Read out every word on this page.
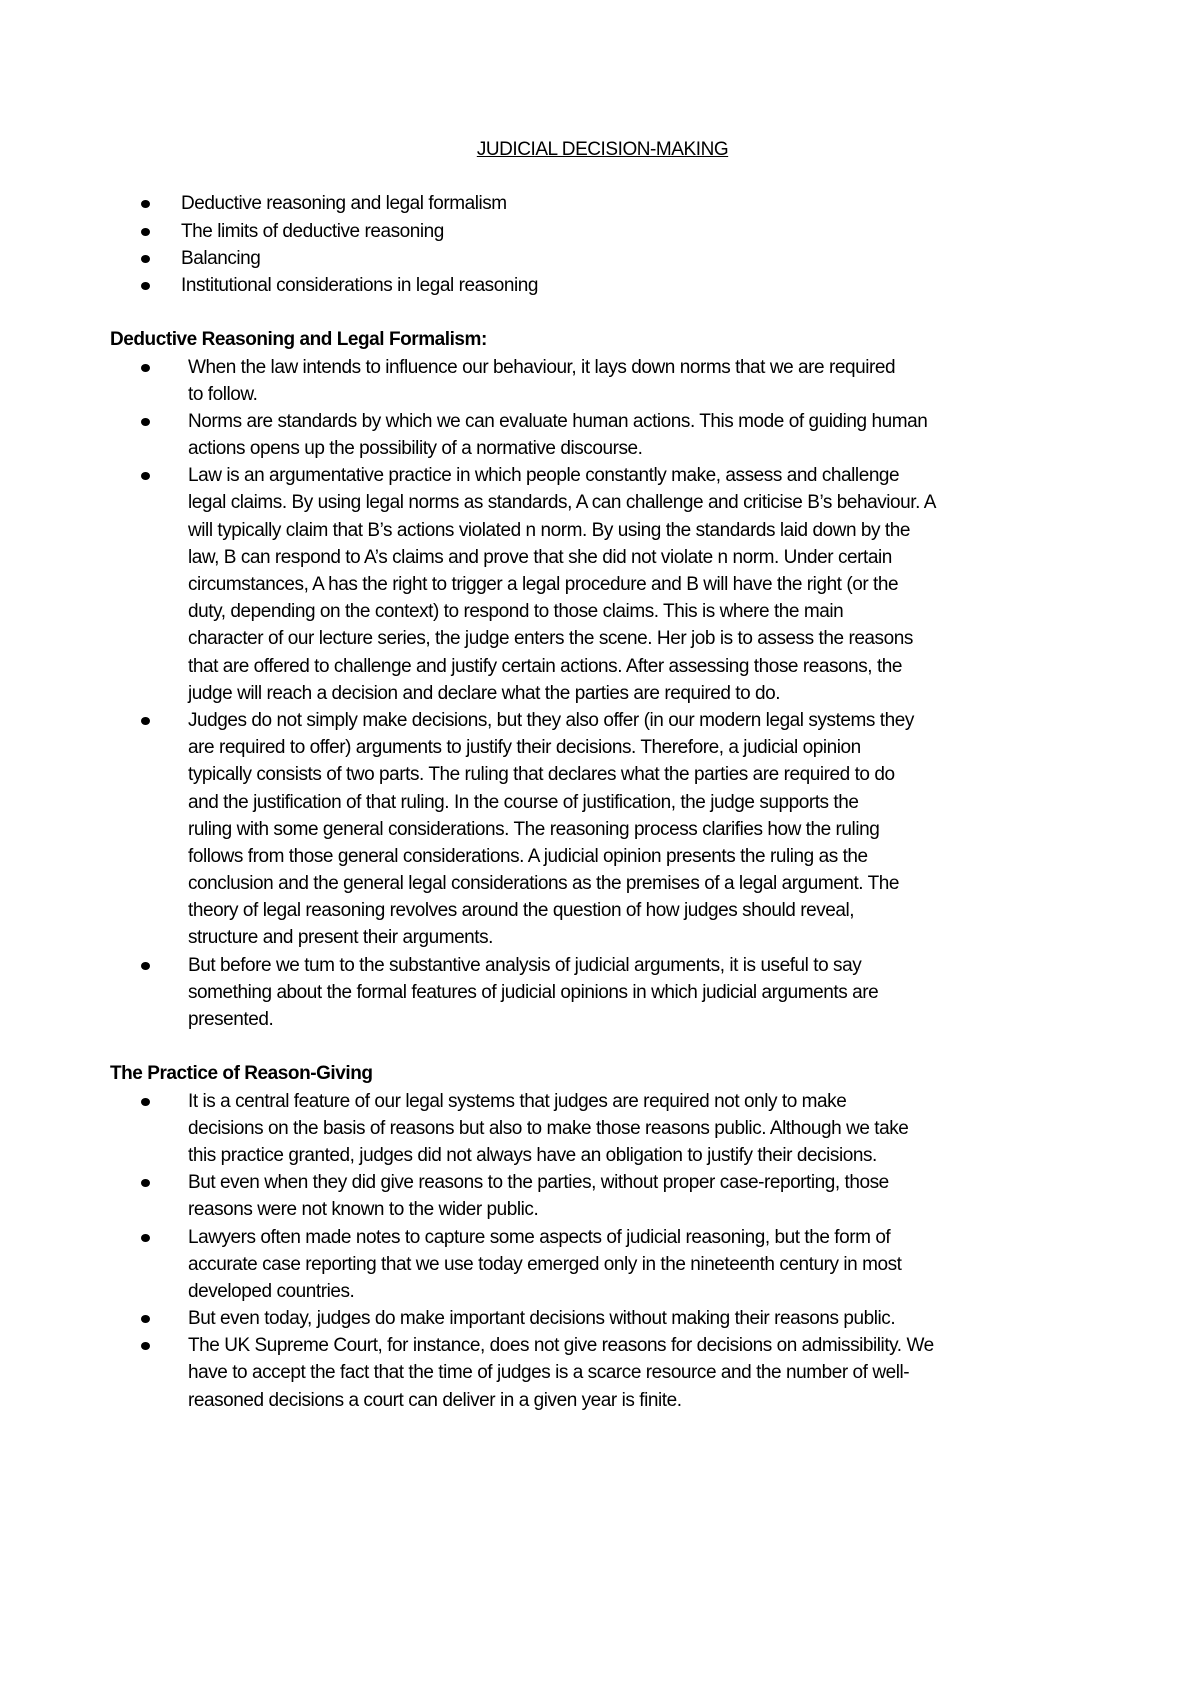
JUDICIAL DECISION-MAKING
Deductive reasoning and legal formalism
The limits of deductive reasoning
Balancing
Institutional considerations in legal reasoning
Deductive Reasoning and Legal Formalism:
When the law intends to influence our behaviour, it lays down norms that we are required
to follow.
Norms are standards by which we can evaluate human actions. This mode of guiding human
actions opens up the possibility of a normative discourse.
Law is an argumentative practice in which people constantly make, assess and challenge
legal claims. By using legal norms as standards, A can challenge and criticise B’s behaviour. A
will typically claim that B’s actions violated n norm. By using the standards laid down by the
law, B can respond to A’s claims and prove that she did not violate n norm. Under certain
circumstances, A has the right to trigger a legal procedure and B will have the right (or the
duty, depending on the context) to respond to those claims. This is where the main
character of our lecture series, the judge enters the scene. Her job is to assess the reasons
that are offered to challenge and justify certain actions. After assessing those reasons, the
judge will reach a decision and declare what the parties are required to do.
Judges do not simply make decisions, but they also offer (in our modern legal systems they
are required to offer) arguments to justify their decisions. Therefore, a judicial opinion
typically consists of two parts. The ruling that declares what the parties are required to do
and the justification of that ruling. In the course of justification, the judge supports the
ruling with some general considerations. The reasoning process clarifies how the ruling
follows from those general considerations. A judicial opinion presents the ruling as the
conclusion and the general legal considerations as the premises of a legal argument. The
theory of legal reasoning revolves around the question of how judges should reveal,
structure and present their arguments.
But before we tum to the substantive analysis of judicial arguments, it is useful to say
something about the formal features of judicial opinions in which judicial arguments are
presented.
The Practice of Reason-Giving
It is a central feature of our legal systems that judges are required not only to make
decisions on the basis of reasons but also to make those reasons public. Although we take
this practice granted, judges did not always have an obligation to justify their decisions.
But even when they did give reasons to the parties, without proper case-reporting, those
reasons were not known to the wider public.
Lawyers often made notes to capture some aspects of judicial reasoning, but the form of
accurate case reporting that we use today emerged only in the nineteenth century in most
developed countries.
But even today, judges do make important decisions without making their reasons public.
The UK Supreme Court, for instance, does not give reasons for decisions on admissibility. We
have to accept the fact that the time of judges is a scarce resource and the number of well-
reasoned decisions a court can deliver in a given year is finite.
